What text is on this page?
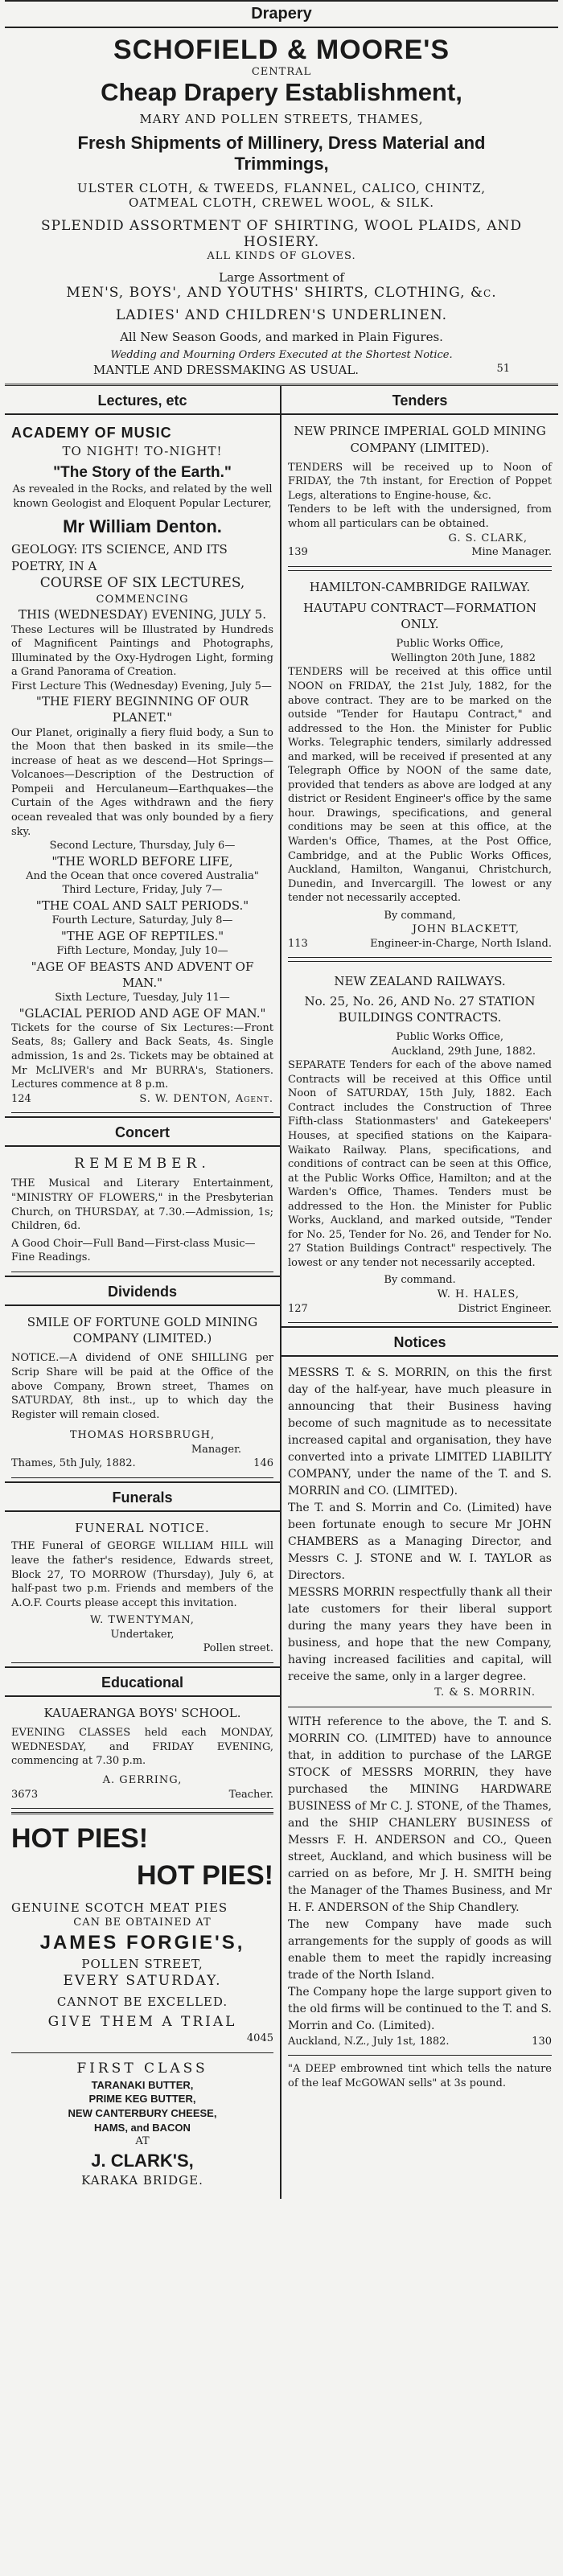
Drapery

SCHOFIELD & MOORE'S

CENTRAL

Cheap Drapery Establishment,

MARY AND POLLEN STREETS, THAMES,

Fresh Shipments of Millinery, Dress Material and Trimmings,

ULSTER CLOTH, & TWEEDS, FLANNEL, CALICO, CHINTZ,

OATMEAL CLOTH, CREWEL WOOL, & SILK.

SPLENDID ASSORTMENT OF SHIRTING, WOOL PLAIDS, AND HOSIERY.

ALL KINDS OF GLOVES.

Large Assortment of

MEN'S, BOYS', AND YOUTHS' SHIRTS, CLOTHING, &c.

LADIES' AND CHILDREN'S UNDERLINEN.

All New Season Goods, and marked in Plain Figures.

Wedding and Mourning Orders Executed at the Shortest Notice.

MANTLE AND DRESSMAKING AS USUAL.	51
Lectures, etc

ACADEMY OF MUSIC

TO NIGHT! TO-NIGHT!

"The Story of the Earth."

As revealed in the Rocks, and related by the well known Geologist and Eloquent Popular Lecturer,

Mr William Denton.

GEOLOGY: ITS SCIENCE, AND ITS POETRY, IN A

COURSE OF SIX LECTURES,

COMMENCING

THIS (WEDNESDAY) EVENING, JULY 5.

These Lectures will be Illustrated by Hundreds of Magnificent Paintings and Photographs, Illuminated by the Oxy-Hydrogen Light, forming a Grand Panorama of Creation.

First Lecture This (Wednesday) Evening, July 5—

"THE FIERY BEGINNING OF OUR PLANET."

Our Planet, originally a fiery fluid body, a Sun to the Moon that then basked in its smile—the increase of heat as we descend—Hot Springs—Volcanoes—Description of the Destruction of Pompeii and Herculaneum—Earthquakes—the Curtain of the Ages withdrawn and the fiery ocean revealed that was only bounded by a fiery sky.

Second Lecture, Thursday, July 6—

"THE WORLD BEFORE LIFE,

And the Ocean that once covered Australia"

Third Lecture, Friday, July 7—

"THE COAL AND SALT PERIODS."

Fourth Lecture, Saturday, July 8—

"THE AGE OF REPTILES."

Fifth Lecture, Monday, July 10—

"AGE OF BEASTS AND ADVENT OF MAN."

Sixth Lecture, Tuesday, July 11—

"GLACIAL PERIOD AND AGE OF MAN."

Tickets for the course of Six Lectures:—Front Seats, 8s; Gallery and Back Seats, 4s. Single admission, 1s and 2s. Tickets may be obtained at Mr McLIVER's and Mr BURRA's, Stationers. Lectures commence at 8 p.m.

124	S. W. DENTON, Agent.
Concert

REMEMBER.

THE Musical and Literary Entertainment, "MINISTRY OF FLOWERS," in the Presbyterian Church, on THURSDAY, at 7.30.—Admission, 1s; Children, 6d.

A Good Choir—Full Band—First-class Music—Fine Readings.

Dividends

SMILE OF FORTUNE GOLD MINING COMPANY (LIMITED.)

NOTICE.—A dividend of ONE SHILLING per Scrip Share will be paid at the Office of the above Company, Brown street, Thames on SATURDAY, 8th inst., up to which day the Register will remain closed.

THOMAS HORSBRUGH,

Manager.

Thames, 5th July, 1882.	146
Funerals

FUNERAL NOTICE.

THE Funeral of GEORGE WILLIAM HILL will leave the father's residence, Edwards street, Block 27, TO MORROW (Thursday), July 6, at half-past two p.m. Friends and members of the A.O.F. Courts please accept this invitation.

W. TWENTYMAN,

Undertaker,

Pollen street.

Educational

KAUAERANGA BOYS' SCHOOL.

EVENING CLASSES held each MONDAY, WEDNESDAY, and FRIDAY EVENING, commencing at 7.30 p.m.

A. GERRING,

3673	Teacher.

HOT PIES!

HOT PIES!

GENUINE SCOTCH MEAT PIES

CAN BE OBTAINED AT

JAMES FORGIE'S,

POLLEN STREET,

EVERY SATURDAY.

CANNOT BE EXCELLED.

GIVE THEM A TRIAL

4045

FIRST CLASS

TARANAKI BUTTER,

PRIME KEG BUTTER,

NEW CANTERBURY CHEESE,

HAMS, and BACON

AT

J. CLARK'S,

KARAKA BRIDGE.

Tenders

NEW PRINCE IMPERIAL GOLD MINING COMPANY (LIMITED).

TENDERS will be received up to Noon of FRIDAY, the 7th instant, for Erection of Poppet Legs, alterations to Engine-house, &c.

Tenders to be left with the undersigned, from whom all particulars can be obtained.

G. S. CLARK,

139	Mine Manager.

HAMILTON-CAMBRIDGE RAILWAY.

HAUTAPU CONTRACT—FORMATION ONLY.

Public Works Office,

Wellington 20th June, 1882

TENDERS will be received at this office until NOON on FRIDAY, the 21st July, 1882, for the above contract. They are to be marked on the outside "Tender for Hautapu Contract," and addressed to the Hon. the Minister for Public Works. Telegraphic tenders, similarly addressed and marked, will be received if presented at any Telegraph Office by NOON of the same date, provided that tenders as above are lodged at any district or Resident Engineer's office by the same hour. Drawings, specifications, and general conditions may be seen at this office, at the Warden's Office, Thames, at the Post Office, Cambridge, and at the Public Works Offices, Auckland, Hamilton, Wanganui, Christchurch, Dunedin, and Invercargill. The lowest or any tender not necessarily accepted.

By command,

JOHN BLACKETT,

113	Engineer-in-Charge, North Island.

NEW ZEALAND RAILWAYS.

No. 25, No. 26, AND No. 27 STATION BUILDINGS CONTRACTS.

Public Works Office,

Auckland, 29th June, 1882.

SEPARATE Tenders for each of the above named Contracts will be received at this Office until Noon of SATURDAY, 15th July, 1882. Each Contract includes the Construction of Three Fifth-class Stationmasters' and Gatekeepers' Houses, at specified stations on the Kaipara-Waikato Railway. Plans, specifications, and conditions of contract can be seen at this Office, at the Public Works Office, Hamilton; and at the Warden's Office, Thames. Tenders must be addressed to the Hon. the Minister for Public Works, Auckland, and marked outside, "Tender for No. 25, Tender for No. 26, and Tender for No. 27 Station Buildings Contract" respectively. The lowest or any tender not necessarily accepted.

By command.

W. H. HALES,

127	District Engineer.
Notices

MESSRS T. & S. MORRIN, on this the first day of the half-year, have much pleasure in announcing that their Business having become of such magnitude as to necessitate increased capital and organisation, they have converted into a private LIMITED LIABILITY COMPANY, under the name of the T. and S. MORRIN and CO. (LIMITED).

The T. and S. Morrin and Co. (Limited) have been fortunate enough to secure Mr JOHN CHAMBERS as a Managing Director, and Messrs C. J. STONE and W. I. TAYLOR as Directors.

MESSRS MORRIN respectfully thank all their late customers for their liberal support during the many years they have been in business, and hope that the new Company, having increased facilities and capital, will receive the same, only in a larger degree.

T. & S. MORRIN.

WITH reference to the above, the T. and S. MORRIN CO. (LIMITED) have to announce that, in addition to purchase of the LARGE STOCK of MESSRS MORRIN, they have purchased the MINING HARDWARE BUSINESS of Mr C. J. STONE, of the Thames, and the SHIP CHANLERY BUSINESS of Messrs F. H. ANDERSON and CO., Queen street, Auckland, and which business will be carried on as before, Mr J. H. SMITH being the Manager of the Thames Business, and Mr H. F. ANDERSON of the Ship Chandlery.

The new Company have made such arrangements for the supply of goods as will enable them to meet the rapidly increasing trade of the North Island.

The Company hope the large support given to the old firms will be continued to the T. and S. Morrin and Co. (Limited).

Auckland, N.Z., July 1st, 1882.	130

"A DEEP embrowned tint which tells the nature of the leaf McGOWAN sells" at 3s pound.
